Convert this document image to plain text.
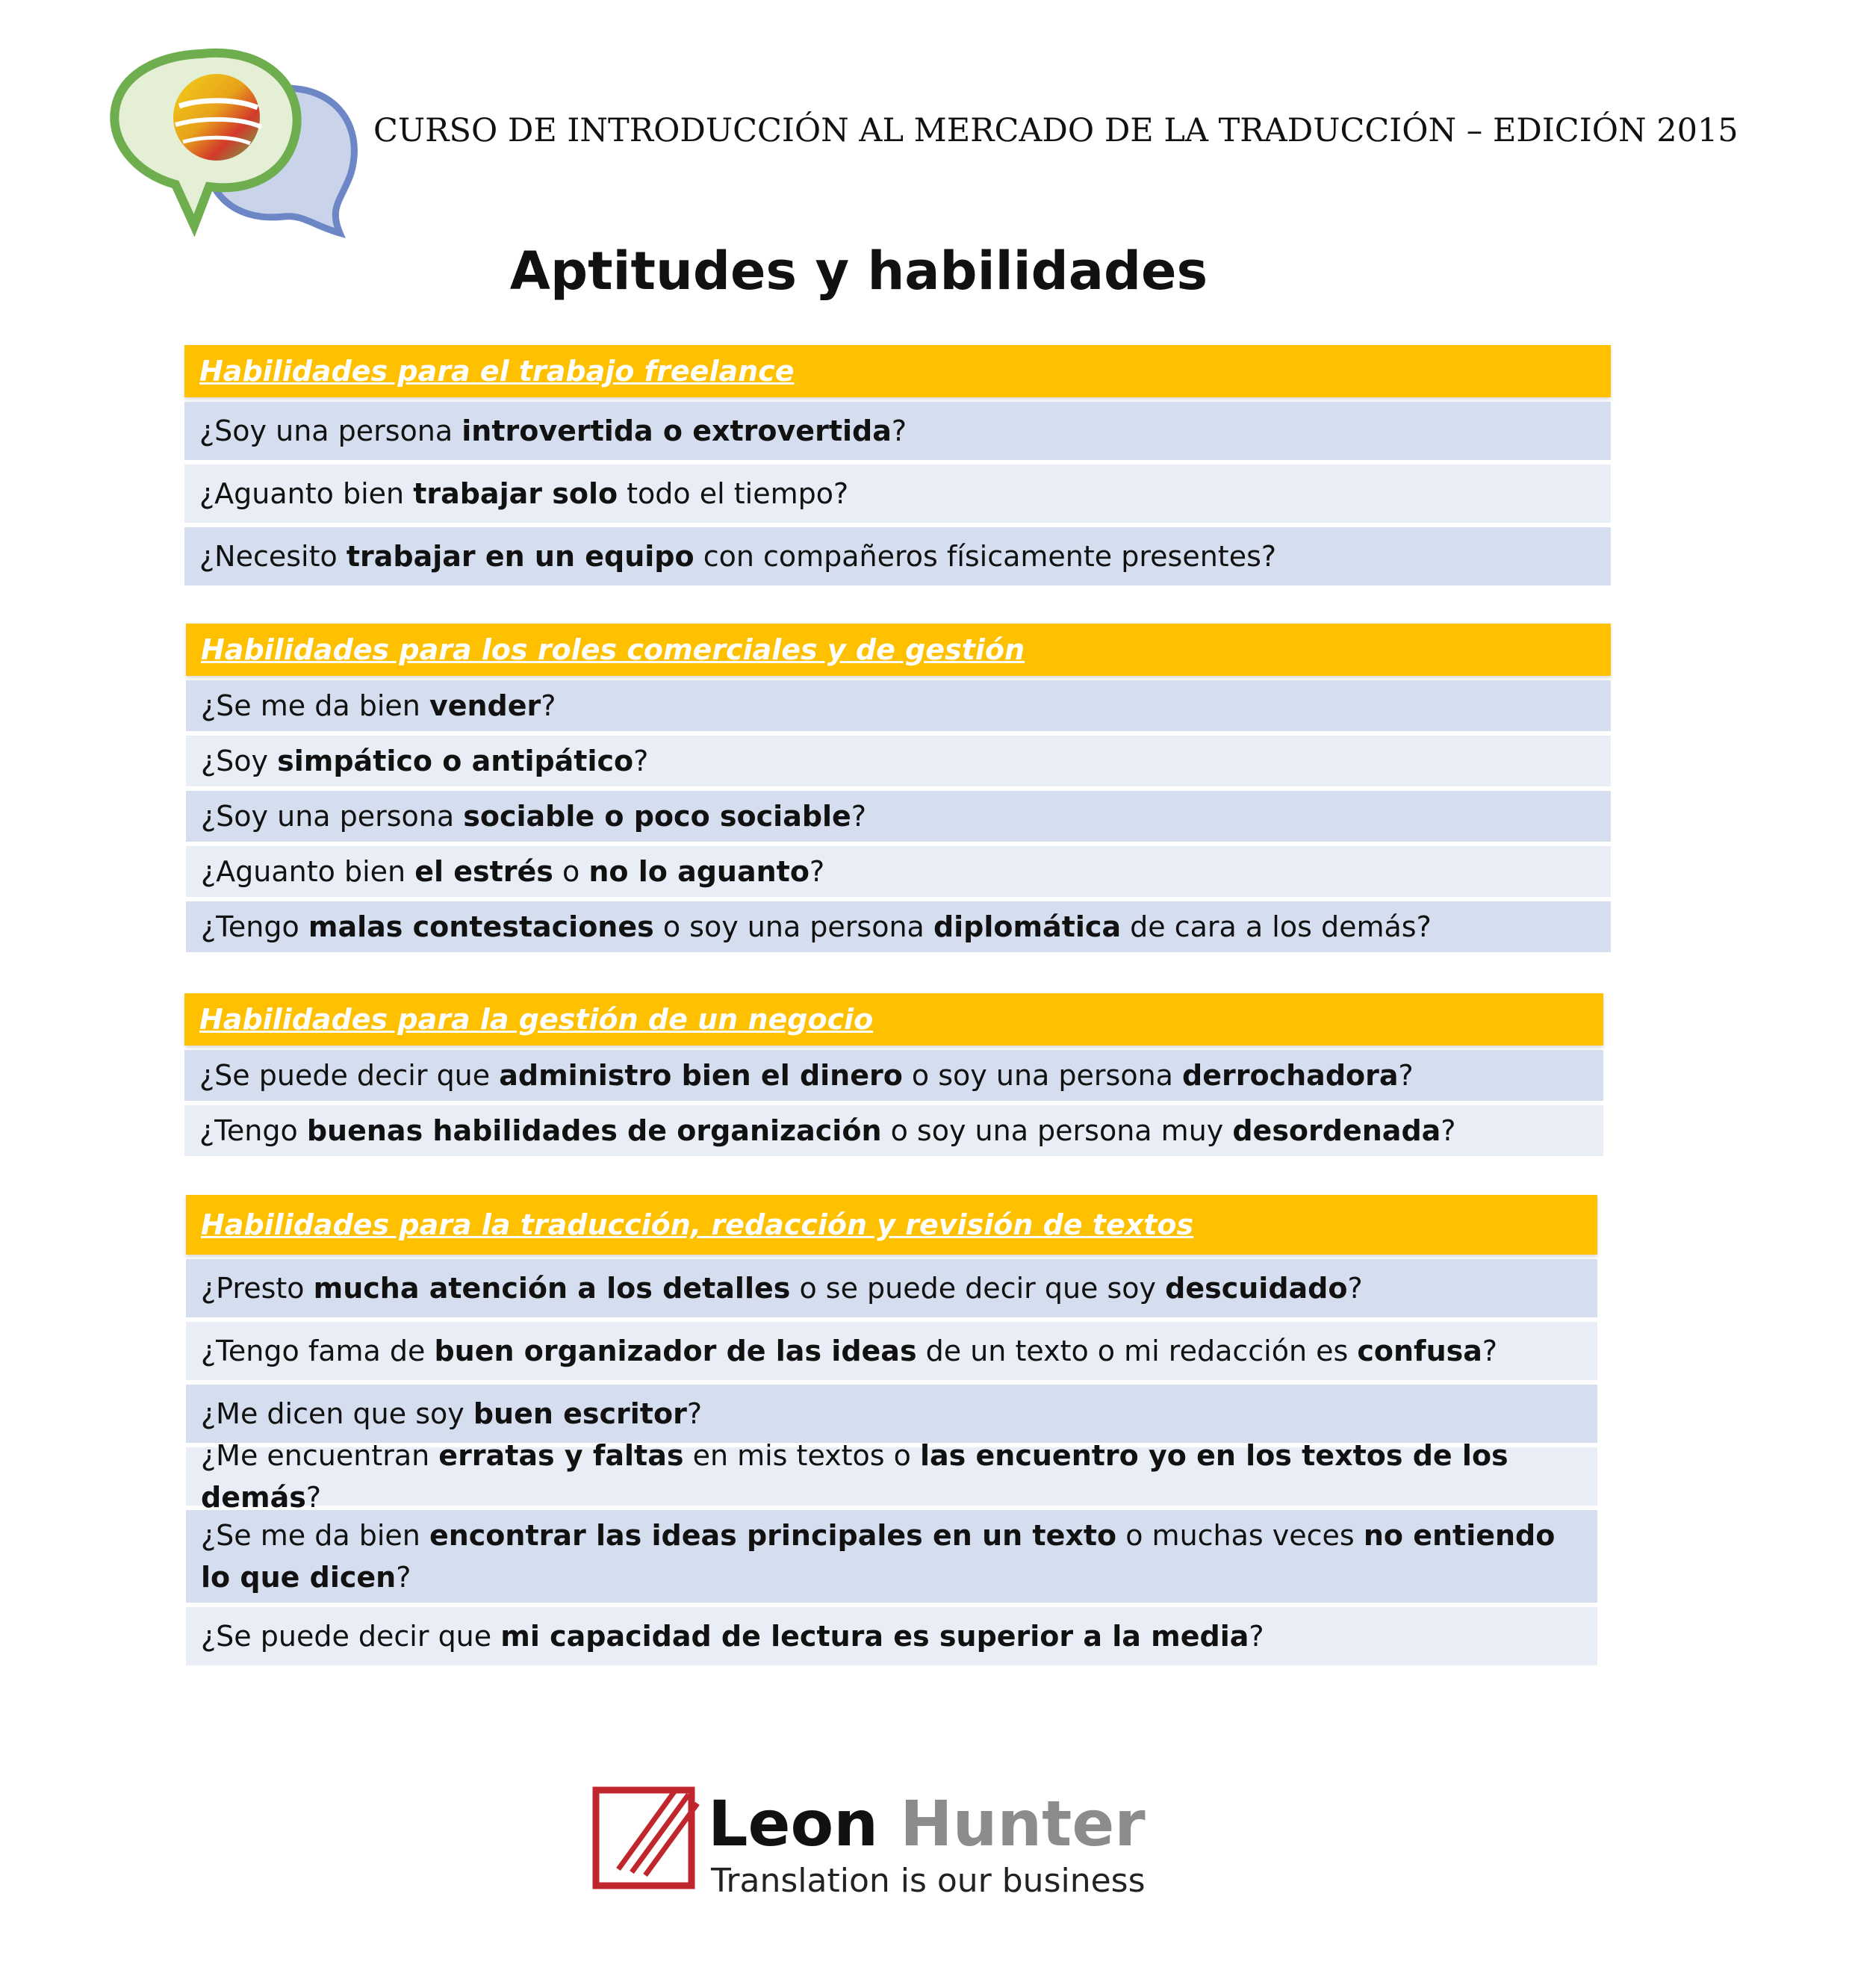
CURSO DE INTRODUCCIÓN AL MERCADO DE LA TRADUCCIÓN – EDICIÓN 2015
Aptitudes y habilidades
Habilidades para el trabajo freelance
¿Soy una persona introvertida o extrovertida?
¿Aguanto bien trabajar solo todo el tiempo?
¿Necesito trabajar en un equipo con compañeros físicamente presentes?
Habilidades para los roles comerciales y de gestión
¿Se me da bien vender?
¿Soy simpático o antipático?
¿Soy una persona sociable o poco sociable?
¿Aguanto bien el estrés o no lo aguanto?
¿Tengo malas contestaciones o soy una persona diplomática de cara a los demás?
Habilidades para la gestión de un negocio
¿Se puede decir que administro bien el dinero o soy una persona derrochadora?
¿Tengo buenas habilidades de organización o soy una persona muy desordenada?
Habilidades para la traducción, redacción y revisión de textos
¿Presto mucha atención a los detalles o se puede decir que soy descuidado?
¿Tengo fama de buen organizador de las ideas de un texto o mi redacción es confusa?
¿Me dicen que soy buen escritor?
¿Me encuentran erratas y faltas en mis textos o las encuentro yo en los textos de los demás?
¿Se me da bien encontrar las ideas principales en un texto o muchas veces no entiendo lo que dicen?
¿Se puede decir que mi capacidad de lectura es superior a la media?
Leon Hunter
Translation is our business
